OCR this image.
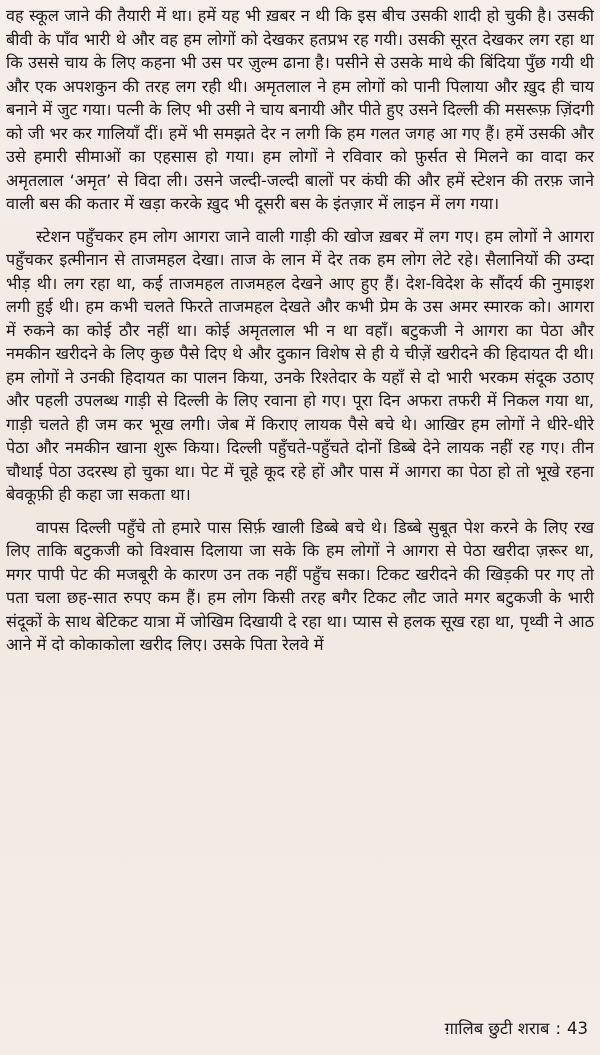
वह स्कूल जाने की तैयारी में था। हमें यह भी ख़बर न थी कि इस बीच उसकी शादी हो चुकी है। उसकी बीवी के पाँव भारी थे और वह हम लोगों को देखकर हतप्रभ रह गयी। उसकी सूरत देखकर लग रहा था कि उससे चाय के लिए कहना भी उस पर ज़ुल्म ढाना है। पसीने से उसके माथे की बिंदिया पुँछ गयी थी और एक अपशकुन की तरह लग रही थी। अमृतलाल ने हम लोगों को पानी पिलाया और ख़ुद ही चाय बनाने में जुट गया। पत्नी के लिए भी उसी ने चाय बनायी और पीते हुए उसने दिल्ली की मसरूफ़ ज़िंदगी को जी भर कर गालियाँ दीं। हमें भी समझते देर न लगी कि हम गलत जगह आ गए हैं। हमें उसकी और उसे हमारी सीमाओं का एहसास हो गया। हम लोगों ने रविवार को फ़ुर्सत से मिलने का वादा कर अमृतलाल ‘अमृत’ से विदा ली। उसने जल्दी-जल्दी बालों पर कंघी की और हमें स्टेशन की तरफ़ जाने वाली बस की कतार में खड़ा करके ख़ुद भी दूसरी बस के इंतज़ार में लाइन में लग गया।

स्टेशन पहुँचकर हम लोग आगरा जाने वाली गाड़ी की खोज ख़बर में लग गए। हम लोगों ने आगरा पहुँचकर इत्मीनान से ताजमहल देखा। ताज के लान में देर तक हम लोग लेटे रहे। सैलानियों की उम्दा भीड़ थी। लग रहा था, कई ताजमहल ताजमहल देखने आए हुए हैं। देश-विदेश के सौंदर्य की नुमाइश लगी हुई थी। हम कभी चलते फिरते ताजमहल देखते और कभी प्रेम के उस अमर स्मारक को। आगरा में रुकने का कोई ठौर नहीं था। कोई अमृतलाल भी न था वहाँ। बटुकजी ने आगरा का पेठा और नमकीन खरीदने के लिए कुछ पैसे दिए थे और दुकान विशेष से ही ये चीज़ें खरीदने की हिदायत दी थी। हम लोगों ने उनकी हिदायत का पालन किया, उनके रिश्तेदार के यहाँ से दो भारी भरकम संदूक उठाए और पहली उपलब्ध गाड़ी से दिल्ली के लिए रवाना हो गए। पूरा दिन अफरा तफरी में निकल गया था, गाड़ी चलते ही जम कर भूख लगी। जेब में किराए लायक पैसे बचे थे। आखिर हम लोगों ने धीरे-धीरे पेठा और नमकीन खाना शुरू किया। दिल्ली पहुँचते-पहुँचते दोनों डिब्बे देने लायक नहीं रह गए। तीन चौथाई पेठा उदरस्थ हो चुका था। पेट में चूहे कूद रहे हों और पास में आगरा का पेठा हो तो भूखे रहना बेवकूफ़ी ही कहा जा सकता था।

वापस दिल्ली पहुँचे तो हमारे पास सिर्फ़ खाली डिब्बे बचे थे। डिब्बे सुबूत पेश करने के लिए रख लिए ताकि बटुकजी को विश्वास दिलाया जा सके कि हम लोगों ने आगरा से पेठा खरीदा ज़रूर था, मगर पापी पेट की मजबूरी के कारण उन तक नहीं पहुँच सका। टिकट खरीदने की खिड़की पर गए तो पता चला छह-सात रुपए कम हैं। हम लोग किसी तरह बगैर टिकट लौट जाते मगर बटुकजी के भारी संदूकों के साथ बेटिकट यात्रा में जोखिम दिखायी दे रहा था। प्यास से हलक सूख रहा था, पृथ्वी ने आठ आने में दो कोकाकोला खरीद लिए। उसके पिता रेलवे में

ग़ालिब छुटी शराब : 43
